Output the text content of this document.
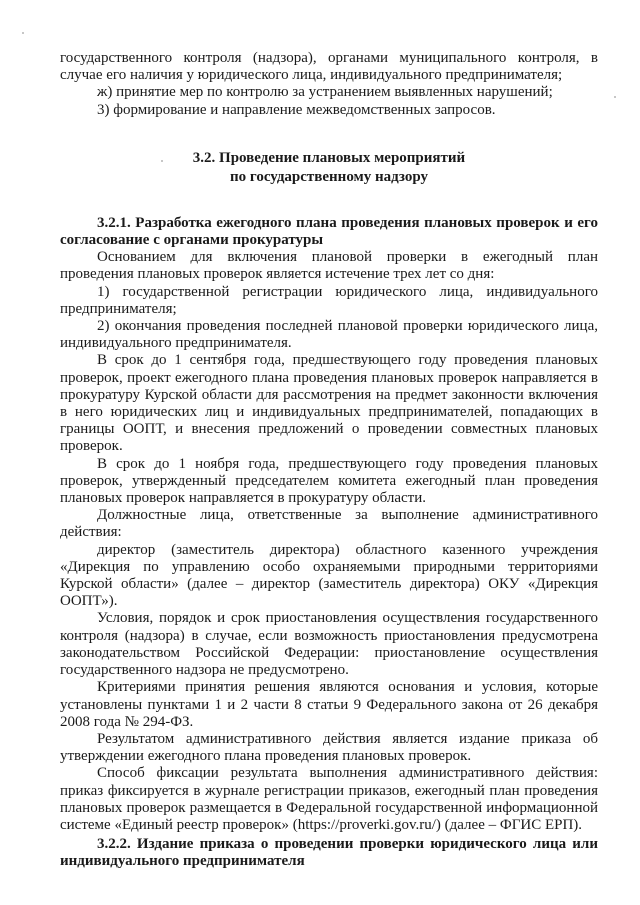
государственного контроля (надзора), органами муниципального контроля, в случае его наличия у юридического лица, индивидуального предпринимателя;

ж) принятие мер по контролю за устранением выявленных нарушений;

3) формирование и направление межведомственных запросов.

3.2. Проведение плановых мероприятий
по государственному надзору

3.2.1. Разработка ежегодного плана проведения плановых проверок и его согласование с органами прокуратуры

Основанием для включения плановой проверки в ежегодный план проведения плановых проверок является истечение трех лет со дня:

1) государственной регистрации юридического лица, индивидуального предпринимателя;

2) окончания проведения последней плановой проверки юридического лица, индивидуального предпринимателя.

В срок до 1 сентября года, предшествующего году проведения плановых проверок, проект ежегодного плана проведения плановых проверок направляется в прокуратуру Курской области для рассмотрения на предмет законности включения в него юридических лиц и индивидуальных предпринимателей, попадающих в границы ООПТ, и внесения предложений о проведении совместных плановых проверок.

В срок до 1 ноября года, предшествующего году проведения плановых проверок, утвержденный председателем комитета ежегодный план проведения плановых проверок направляется в прокуратуру области.

Должностные лица, ответственные за выполнение административного действия:

директор (заместитель директора) областного казенного учреждения «Дирекция по управлению особо охраняемыми природными территориями Курской области» (далее – директор (заместитель директора) ОКУ «Дирекция ООПТ»).

Условия, порядок и срок приостановления осуществления государственного контроля (надзора) в случае, если возможность приостановления предусмотрена законодательством Российской Федерации: приостановление осуществления государственного надзора не предусмотрено.

Критериями принятия решения являются основания и условия, которые установлены пунктами 1 и 2 части 8 статьи 9 Федерального закона от 26 декабря 2008 года № 294-ФЗ.

Результатом административного действия является издание приказа об утверждении ежегодного плана проведения плановых проверок.

Способ фиксации результата выполнения административного действия: приказ фиксируется в журнале регистрации приказов, ежегодный план проведения плановых проверок размещается в Федеральной государственной информационной системе «Единый реестр проверок» (https://proverki.gov.ru/) (далее – ФГИС ЕРП).

3.2.2. Издание приказа о проведении проверки юридического лица или индивидуального предпринимателя
